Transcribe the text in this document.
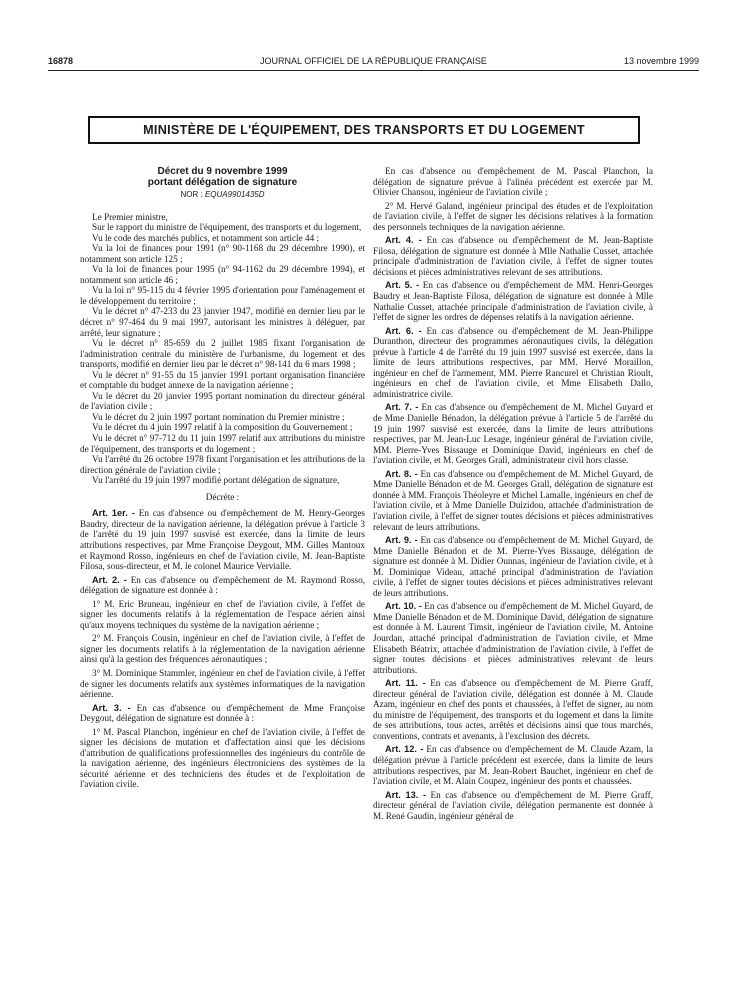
16878	JOURNAL OFFICIEL DE LA RÉPUBLIQUE FRANÇAISE	13 novembre 1999
MINISTÈRE DE L'ÉQUIPEMENT, DES TRANSPORTS ET DU LOGEMENT
Décret du 9 novembre 1999
portant délégation de signature
NOR : EQUA9901435D

Le Premier ministre,

Sur le rapport du ministre de l'équipement, des transports et du logement,

Vu le code des marchés publics, et notamment son article 44 ;

Vu la loi de finances pour 1991 (n° 90-1168 du 29 décembre 1990), et notamment son article 125 ;

Vu la loi de finances pour 1995 (n° 94-1162 du 29 décembre 1994), et notamment son article 46 ;

Vu la loi n° 95-115 du 4 février 1995 d'orientation pour l'aménagement et le développement du territoire ;

Vu le décret n° 47-233 du 23 janvier 1947, modifié en dernier lieu par le décret n° 97-464 du 9 mai 1997, autorisant les ministres à déléguer, par arrêté, leur signature ;

Vu le décret n° 85-659 du 2 juillet 1985 fixant l'organisation de l'administration centrale du ministère de l'urbanisme, du logement et des transports, modifié en dernier lieu par le décret n° 98-141 du 6 mars 1998 ;

Vu le décret n° 91-55 du 15 janvier 1991 portant organisation financière et comptable du budget annexe de la navigation aérienne ;

Vu le décret du 20 janvier 1995 portant nomination du directeur général de l'aviation civile ;

Vu le décret du 2 juin 1997 portant nomination du Premier ministre ;

Vu le décret du 4 juin 1997 relatif à la composition du Gouvernement ;

Vu le décret n° 97-712 du 11 juin 1997 relatif aux attributions du ministre de l'équipement, des transports et du logement ;

Vu l'arrêté du 26 octobre 1978 fixant l'organisation et les attributions de la direction générale de l'aviation civile ;

Vu l'arrêté du 19 juin 1997 modifié portant délégation de signature,

Décrète :

Art. 1er. - En cas d'absence ou d'empêchement de M. Henry-Georges Baudry, directeur de la navigation aérienne, la délégation prévue à l'article 3 de l'arrêté du 19 juin 1997 susvisé est exercée, dans la limite de leurs attributions respectives, par Mme Françoise Deygout, MM. Gilles Mantoux et Raymond Rosso, ingénieurs en chef de l'aviation civile, M. Jean-Baptiste Filosa, sous-directeur, et M. le colonel Maurice Vervialle.

Art. 2. - En cas d'absence ou d'empêchement de M. Raymond Rosso, délégation de signature est donnée à :

1° M. Eric Bruneau, ingénieur en chef de l'aviation civile, à l'effet de signer les documents relatifs à la réglementation de l'espace aérien ainsi qu'aux moyens techniques du système de la navigation aérienne ;

2° M. François Cousin, ingénieur en chef de l'aviation civile, à l'effet de signer les documents relatifs à la réglementation de la navigation aérienne ainsi qu'à la gestion des fréquences aéronautiques ;

3° M. Dominique Stammler, ingénieur en chef de l'aviation civile, à l'effet de signer les documents relatifs aux systèmes informatiques de la navigation aérienne.

Art. 3. - En cas d'absence ou d'empêchement de Mme Françoise Deygout, délégation de signature est donnée à :

1° M. Pascal Planchon, ingénieur en chef de l'aviation civile, à l'effet de signer les décisions de mutation et d'affectation ainsi que les décisions d'attribution de qualifications professionnelles des ingénieurs du contrôle de la navigation aérienne, des ingénieurs électroniciens des systèmes de la sécurité aérienne et des techniciens des études et de l'exploitation de l'aviation civile.

En cas d'absence ou d'empêchement de M. Pascal Planchon, la délégation de signature prévue à l'alinéa précédent est exercée par M. Olivier Chansou, ingénieur de l'aviation civile ;

2° M. Hervé Galand, ingénieur principal des études et de l'exploitation de l'aviation civile, à l'effet de signer les décisions relatives à la formation des personnels techniques de la navigation aérienne.

Art. 4. - En cas d'absence ou d'empêchement de M. Jean-Baptiste Filosa, délégation de signature est donnée à Mlle Nathalie Cusset, attachée principale d'administration de l'aviation civile, à l'effet de signer toutes décisions et pièces administratives relevant de ses attributions.

Art. 5. - En cas d'absence ou d'empêchement de MM. Henri-Georges Baudry et Jean-Baptiste Filosa, délégation de signature est donnée à Mlle Nathalie Cusset, attachée principale d'administration de l'aviation civile, à l'effet de signer les ordres de dépenses relatifs à la navigation aérienne.

Art. 6. - En cas d'absence ou d'empêchement de M. Jean-Philippe Duranthon, directeur des programmes aéronautiques civils, la délégation prévue à l'article 4 de l'arrêté du 19 juin 1997 susvisé est exercée, dans la limite de leurs attributions respectives, par MM. Hervé Moraillon, ingénieur en chef de l'armement, MM. Pierre Rancurel et Christian Rioult, ingénieurs en chef de l'aviation civile, et Mme Elisabeth Dallo, administratrice civile.

Art. 7. - En cas d'absence ou d'empêchement de M. Michel Guyard et de Mme Danielle Bénadon, la délégation prévue à l'article 5 de l'arrêté du 19 juin 1997 susvisé est exercée, dans la limite de leurs attributions respectives, par M. Jean-Luc Lesage, ingénieur général de l'aviation civile, MM. Pierre-Yves Bissauge et Dominique David, ingénieurs en chef de l'aviation civile, et M. Georges Grall, administrateur civil hors classe.

Art. 8. - En cas d'absence ou d'empêchement de M. Michel Guyard, de Mme Danielle Bénadon et de M. Georges Grall, délégation de signature est donnée à MM. François Théoleyre et Michel Lamalle, ingénieurs en chef de l'aviation civile, et à Mme Danielle Duizidou, attachée d'administration de l'aviation civile, à l'effet de signer toutes décisions et pièces administratives relevant de leurs attributions.

Art. 9. - En cas d'absence ou d'empêchement de M. Michel Guyard, de Mme Danielle Bénadon et de M. Pierre-Yves Bissauge, délégation de signature est donnée à M. Didier Ounnas, ingénieur de l'aviation civile, et à M. Dominique Videau, attaché principal d'administration de l'aviation civile, à l'effet de signer toutes décisions et pièces administratives relevant de leurs attributions.

Art. 10. - En cas d'absence ou d'empêchement de M. Michel Guyard, de Mme Danielle Bénadon et de M. Dominique David, délégation de signature est donnée à M. Laurent Timsit, ingénieur de l'aviation civile, M. Antoine Jourdan, attaché principal d'administration de l'aviation civile, et Mme Elisabeth Béatrix, attachée d'administration de l'aviation civile, à l'effet de signer toutes décisions et pièces administratives relevant de leurs attributions.

Art. 11. - En cas d'absence ou d'empêchement de M. Pierre Graff, directeur général de l'aviation civile, délégation est donnée à M. Claude Azam, ingénieur en chef des ponts et chaussées, à l'effet de signer, au nom du ministre de l'équipement, des transports et du logement et dans la limite de ses attributions, tous actes, arrêtés et décisions ainsi que tous marchés, conventions, contrats et avenants, à l'exclusion des décrets.

Art. 12. - En cas d'absence ou d'empêchement de M. Claude Azam, la délégation prévue à l'article précédent est exercée, dans la limite de leurs attributions respectives, par M. Jean-Robert Bauchet, ingénieur en chef de l'aviation civile, et M. Alain Coupez, ingénieur des ponts et chaussées.

Art. 13. - En cas d'absence ou d'empêchement de M. Pierre Graff, directeur général de l'aviation civile, délégation permanente est donnée à M. René Gaudin, ingénieur général de
